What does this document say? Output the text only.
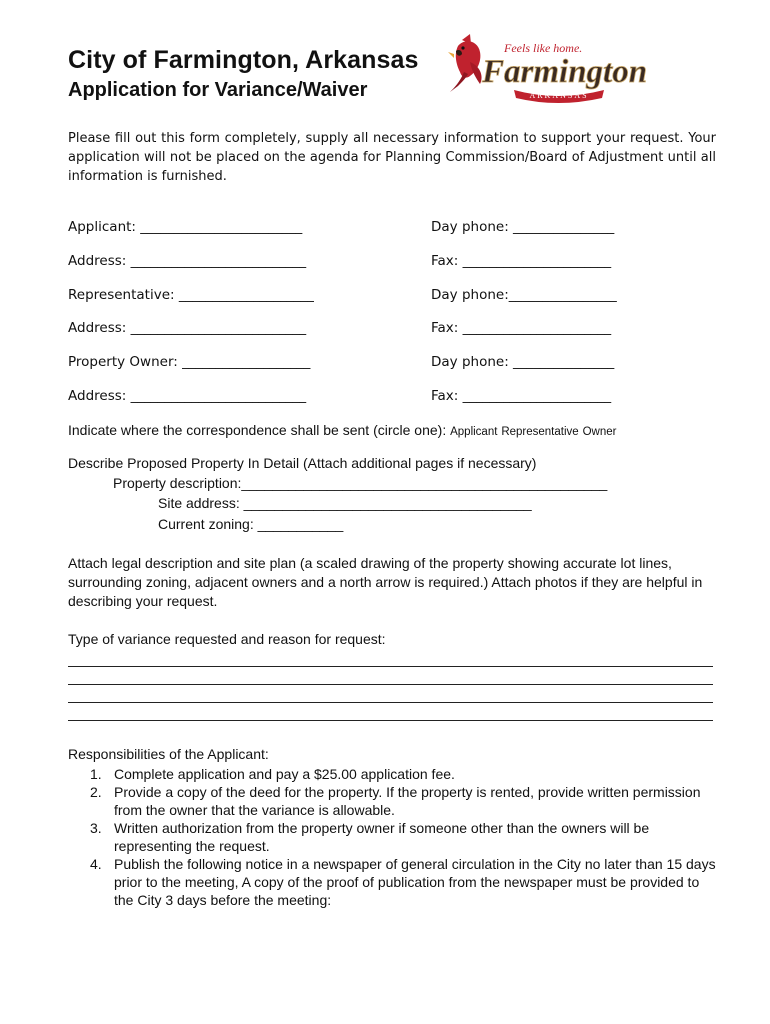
City of Farmington, Arkansas
Application for Variance/Waiver
Feels like home.
Farmington
ARKANSAS
Please fill out this form completely, supply all necessary information to support your request. Your application will not be placed on the agenda for Planning Commission/Board of Adjustment until all information is furnished.
Applicant: ________________________	Day phone: _______________
Address: __________________________	Fax: ______________________
Representative: ____________________	Day phone:________________
Address: __________________________	Fax: ______________________
Property Owner: ___________________	Day phone: _______________
Address: __________________________	Fax: ______________________
Indicate where the correspondence shall be sent (circle one): Applicant Representative Owner
Describe Proposed Property In Detail (Attach additional pages if necessary)
Property description:_______________________________________________
Site address: _____________________________________
Current zoning: ___________
Attach legal description and site plan (a scaled drawing of the property showing accurate lot lines, surrounding zoning, adjacent owners and a north arrow is required.) Attach photos if they are helpful in describing your request.
Type of variance requested and reason for request:
Responsibilities of the Applicant:
1. Complete application and pay a $25.00 application fee.
2. Provide a copy of the deed for the property. If the property is rented, provide written permission from the owner that the variance is allowable.
3. Written authorization from the property owner if someone other than the owners will be representing the request.
4. Publish the following notice in a newspaper of general circulation in the City no later than 15 days prior to the meeting, A copy of the proof of publication from the newspaper must be provided to the City 3 days before the meeting:
